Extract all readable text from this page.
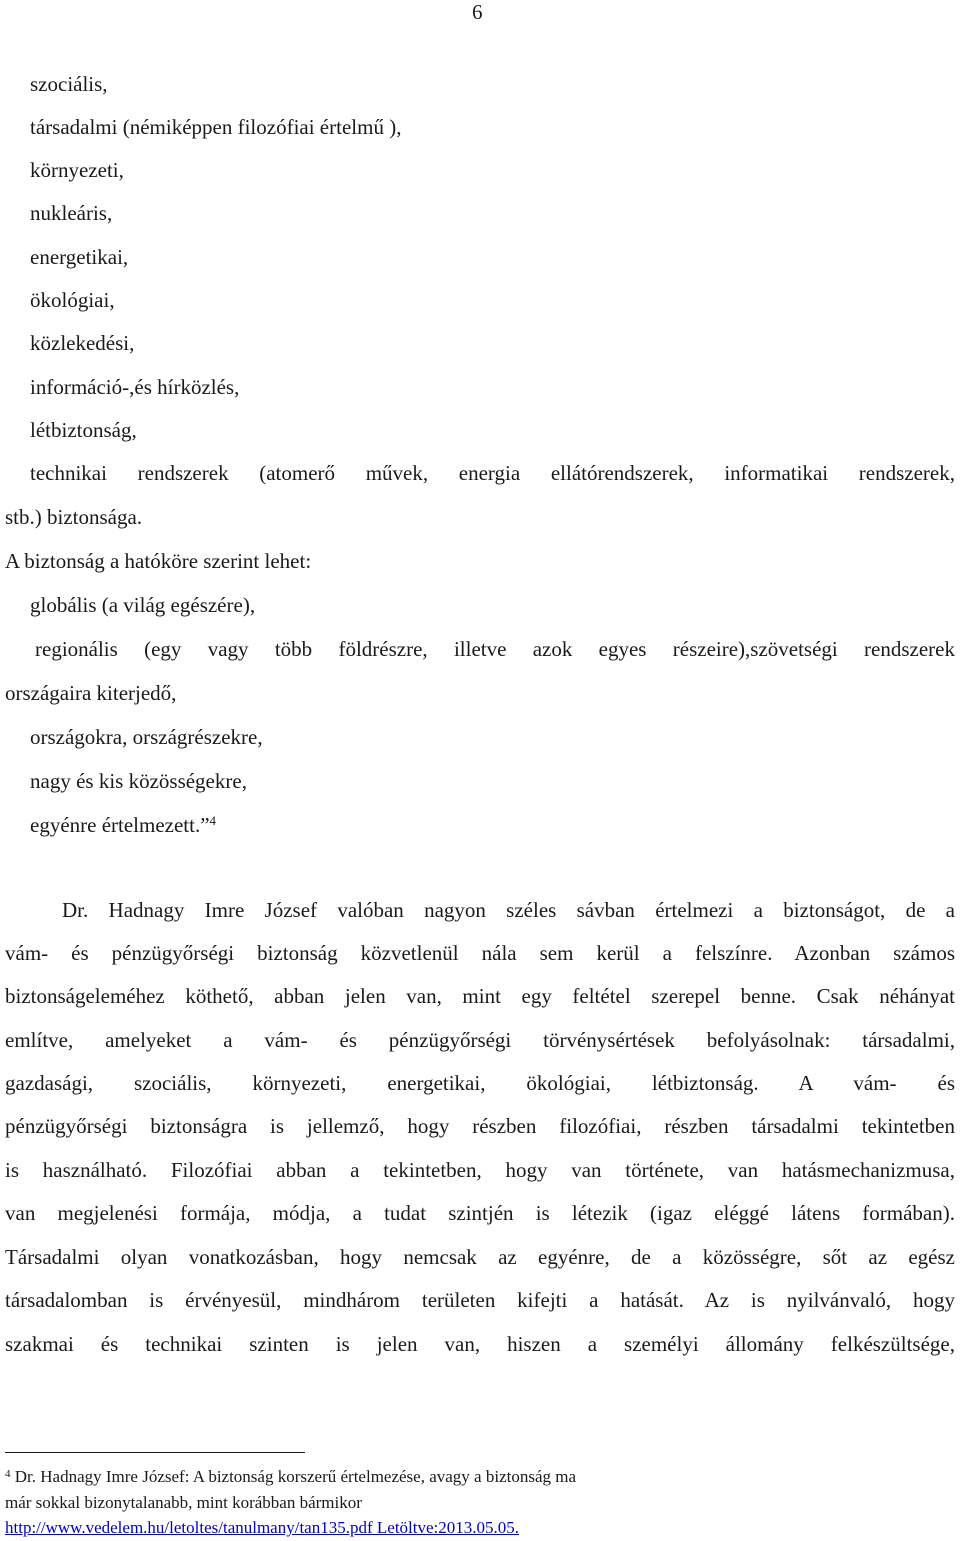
6
szociális,
társadalmi (némiképpen filozófiai értelmű ),
környezeti,
nukleáris,
energetikai,
ökológiai,
közlekedési,
információ-,és hírközlés,
létbiztonság,
technikai rendszerek (atomerő művek, energia ellátórendszerek, informatikai rendszerek,
stb.) biztonsága.
A biztonság a hatóköre szerint lehet:
globális (a világ egészére),
regionális (egy vagy több földrészre, illetve azok egyes részeire),szövetségi rendszerek
országaira kiterjedő,
országokra, országrészekre,
nagy és kis közösségekre,
egyénre értelmezett.”$^4$
Dr. Hadnagy Imre József valóban nagyon széles sávban értelmezi a biztonságot, de a
vám- és pénzügyőrségi biztonság közvetlenül nála sem kerül a felszínre. Azonban számos
biztonságeleméhez köthető, abban jelen van, mint egy feltétel szerepel benne. Csak néhányat
említve, amelyeket a vám- és pénzügyőrségi törvénysértések befolyásolnak: társadalmi,
gazdasági, szociális, környezeti, energetikai, ökológiai, létbiztonság. A vám- és
pénzügyőrségi biztonságra is jellemző, hogy részben filozófiai, részben társadalmi tekintetben
is használható. Filozófiai abban a tekintetben, hogy van története, van hatásmechanizmusa,
van megjelenési formája, módja, a tudat szintjén is létezik (igaz eléggé látens formában).
Társadalmi olyan vonatkozásban, hogy nemcsak az egyénre, de a közösségre, sőt az egész
társadalomban is érvényesül, mindhárom területen kifejti a hatását. Az is nyilvánvaló, hogy
szakmai és technikai szinten is jelen van, hiszen a személyi állomány felkészültsége,
$^4$ Dr. Hadnagy Imre József: A biztonság korszerű értelmezése, avagy a biztonság ma
már sokkal bizonytalanabb, mint korábban bármikor
http://www.vedelem.hu/letoltes/tanulmany/tan135.pdf Letöltve:2013.05.05.
